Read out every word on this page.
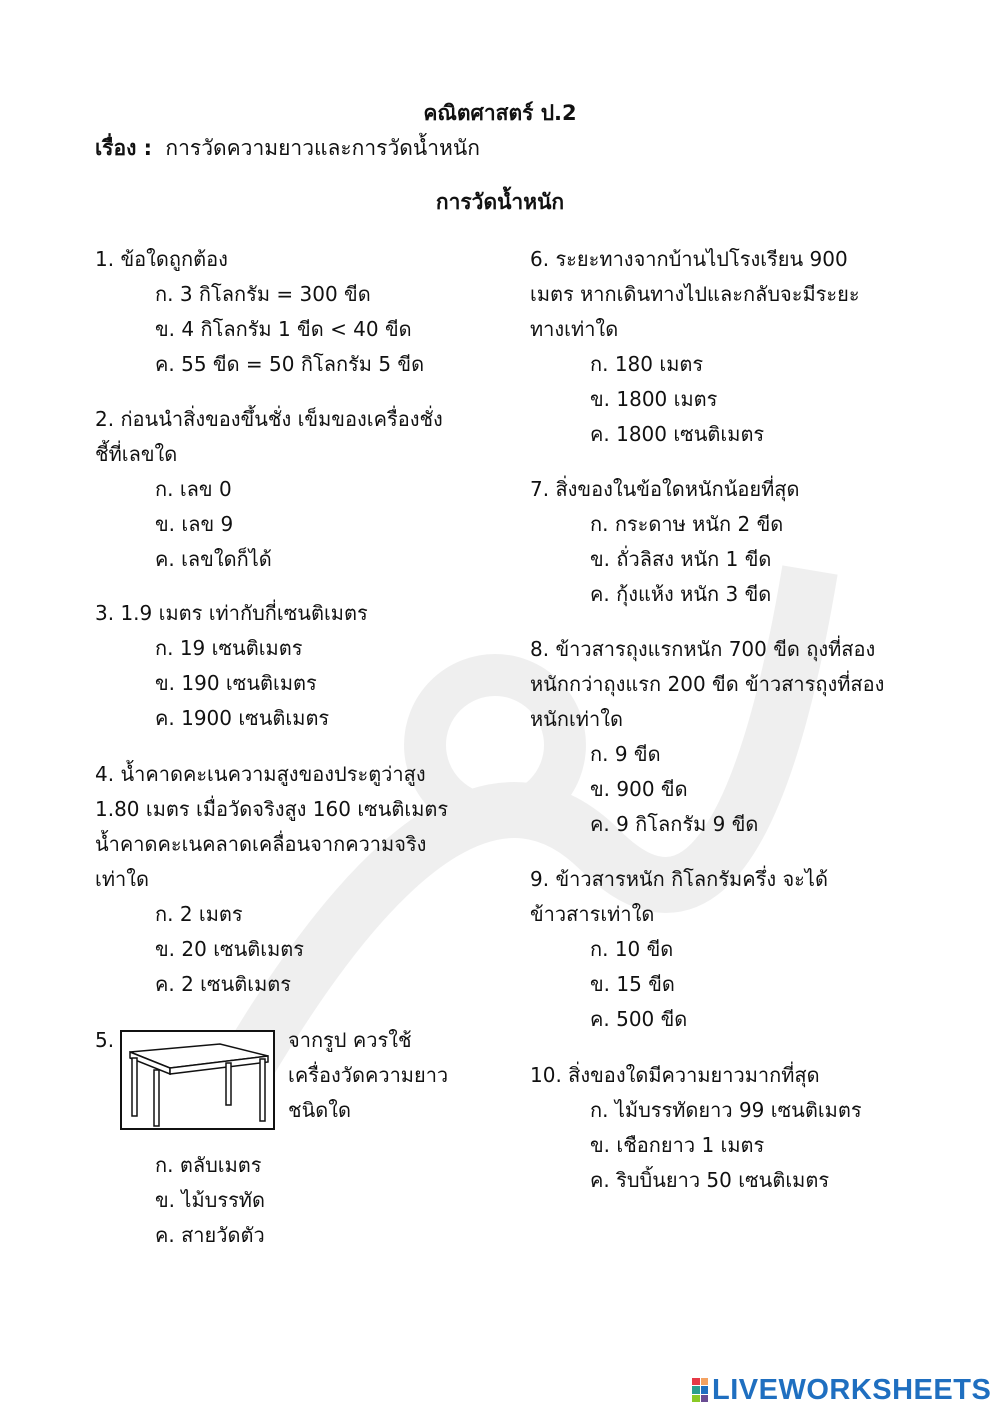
คณิตศาสตร์ ป.2
เรื่อง : การวัดความยาวและการวัดน้ำหนัก
การวัดน้ำหนัก
1. ข้อใดถูกต้อง
ก. 3 กิโลกรัม = 300 ขีด
ข. 4 กิโลกรัม 1 ขีด < 40 ขีด
ค. 55 ขีด = 50 กิโลกรัม 5 ขีด
2. ก่อนนำสิ่งของขึ้นชั่ง เข็มของเครื่องชั่ง
ชี้ที่เลขใด
ก. เลข 0
ข. เลข 9
ค. เลขใดก็ได้
3. 1.9 เมตร เท่ากับกี่เซนติเมตร
ก. 19 เซนติเมตร
ข. 190 เซนติเมตร
ค. 1900 เซนติเมตร
4. น้ำคาดคะเนความสูงของประตูว่าสูง
1.80 เมตร เมื่อวัดจริงสูง 160 เซนติเมตร
น้ำคาดคะเนคลาดเคลื่อนจากความจริง
เท่าใด
ก. 2 เมตร
ข. 20 เซนติเมตร
ค. 2 เซนติเมตร
5.	จากรูป ควรใช้
เครื่องวัดความยาว
ชนิดใด
ก. ตลับเมตร
ข. ไม้บรรทัด
ค. สายวัดตัว
6. ระยะทางจากบ้านไปโรงเรียน 900
เมตร หากเดินทางไปและกลับจะมีระยะ
ทางเท่าใด
ก. 180 เมตร
ข. 1800 เมตร
ค. 1800 เซนติเมตร
7. สิ่งของในข้อใดหนักน้อยที่สุด
ก. กระดาษ หนัก 2 ขีด
ข. ถั่วลิสง หนัก 1 ขีด
ค. กุ้งแห้ง หนัก 3 ขีด
8. ข้าวสารถุงแรกหนัก 700 ขีด ถุงที่สอง
หนักกว่าถุงแรก 200 ขีด ข้าวสารถุงที่สอง
หนักเท่าใด
ก. 9 ขีด
ข. 900 ขีด
ค. 9 กิโลกรัม 9 ขีด
9. ข้าวสารหนัก กิโลกรัมครึ่ง จะได้
ข้าวสารเท่าใด
ก. 10 ขีด
ข. 15 ขีด
ค. 500 ขีด
10. สิ่งของใดมีความยาวมากที่สุด
ก. ไม้บรรทัดยาว 99 เซนติเมตร
ข. เชือกยาว 1 เมตร
ค. ริบบิ้นยาว 50 เซนติเมตร
LIVEWORKSHEETS
